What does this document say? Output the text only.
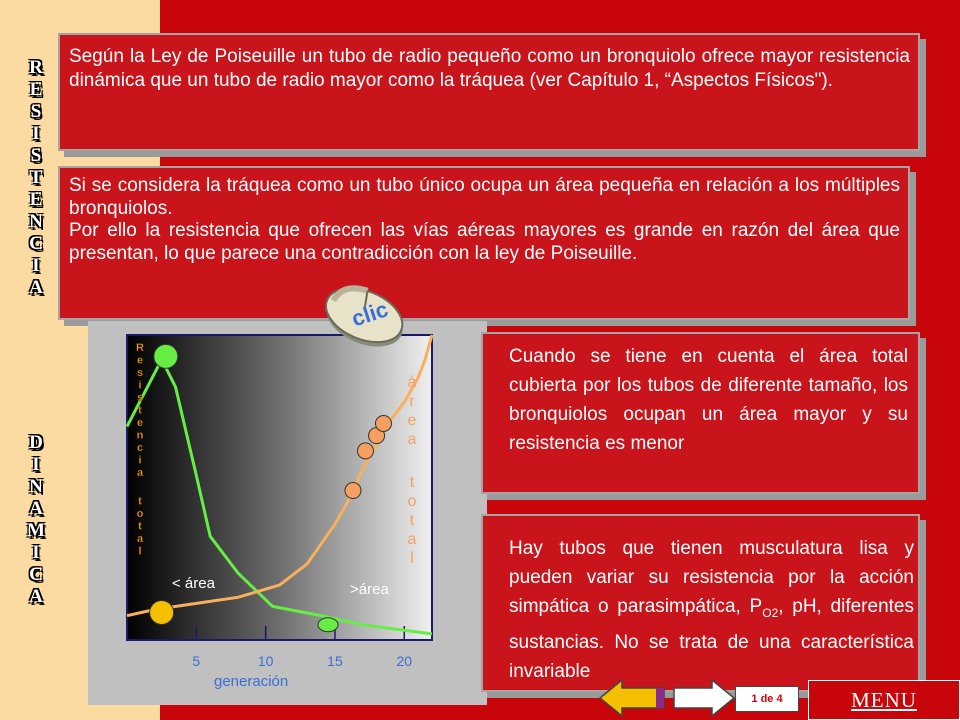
R
E
S
I
S
T
E
N
C
I
A
D
I
N
A
M
I
C
A

Según la Ley de Poiseuille un tubo de radio pequeño como un bronquiolo ofrece mayor resistencia dinámica que un tubo de radio mayor como la tráquea (ver Capítulo 1, “Aspectos Físicos").

Si se considera la tráquea como un tubo único ocupa un área pequeña en relación a los múltiples bronquiolos.

Por ello la resistencia que ofrecen las vías aéreas mayores es grande en razón del área que presentan, lo que parece una contradicción con la ley de Poiseuille.

5	10	15	20
R
e
s
i
s
t
e
n
c
i
a
t
o
t
a
l
á
r
e
a
t
o
t
a
l
< área	>área
generación
clic

Cuando se tiene en cuenta el área total cubierta por los tubos de diferente tamaño, los bronquiolos ocupan un área mayor y su resistencia es menor

Hay tubos que tienen musculatura lisa y pueden variar su resistencia por la acción simpática o parasimpática, $P_{O2}$, pH, diferentes sustancias. No se trata de una característica invariable

1 de 4	MENU
